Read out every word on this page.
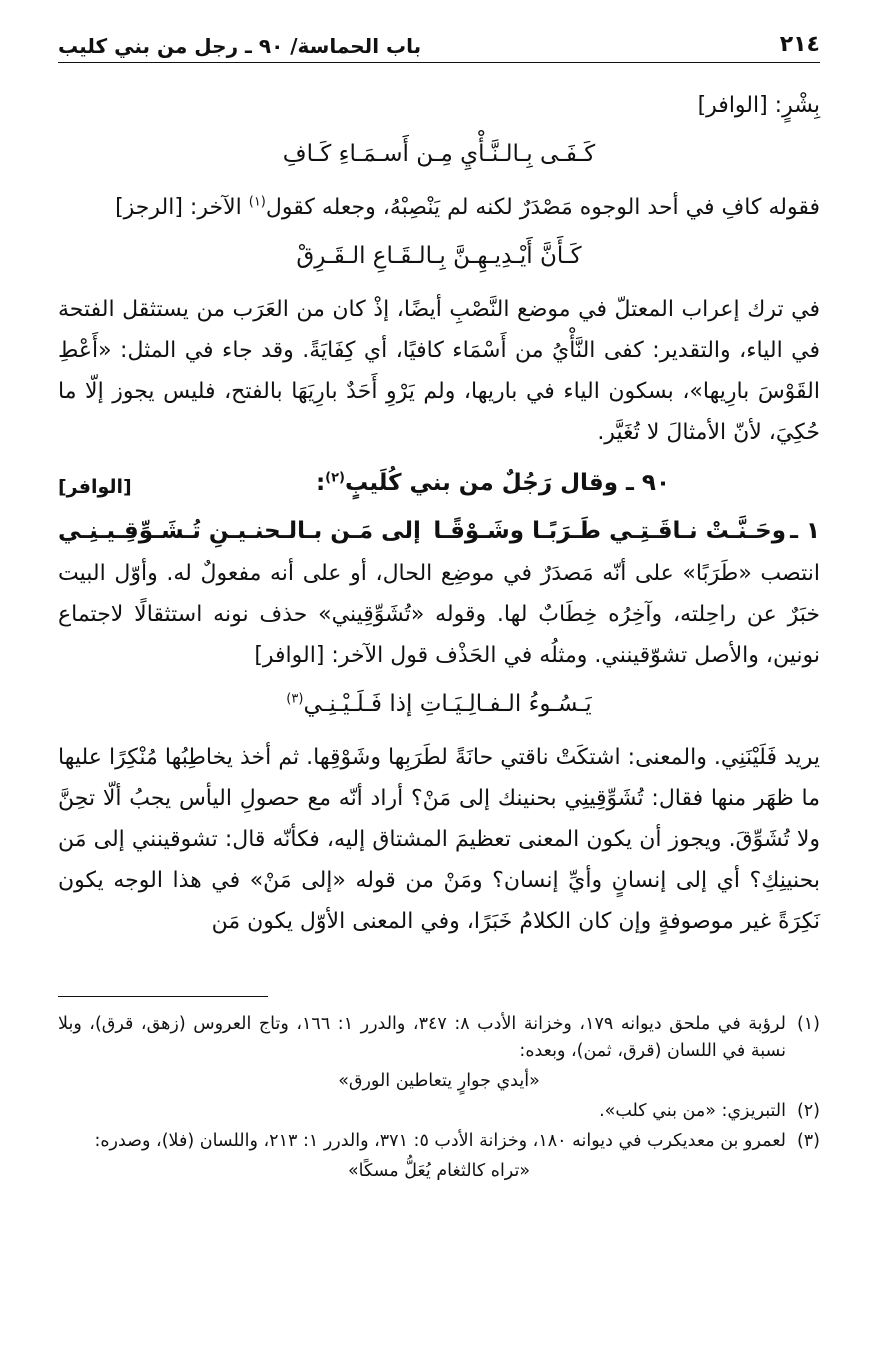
٢١٤
باب الحماسة/ ٩٠ ـ رجل من بني كليب

بِشْرٍ: [الوافر]

كَـفَـى بِـالـنَّـأْيِ مِـن أَسـمَـاءِ كَـافِ

فقوله كافِ في أحد الوجوه مَصْدَرٌ لكنه لم يَنْصِبْهُ، وجعله كقول$^{(١)}$ الآخر: [الرجز]

كَـأَنَّ أَيْـدِيـهِـنَّ بِـالـقَـاعِ الـقَـرِقْ

في ترك إعراب المعتلّ في موضع النَّصْبِ أيضًا، إذْ كان من العَرَب من يستثقل الفتحة في الياء، والتقدير: كفى النَّأْيُ من أَسْمَاء كافيًا، أي كِفَايَةً. وقد جاء في المثل: «أَعْطِ القَوْسَ بارِيها»، بسكون الياء في باريها، ولم يَرْوِ أَحَدٌ بارِيَهَا بالفتح، فليس يجوز إلّا ما حُكِيَ، لأنّ الأمثالَ لا تُغَيَّر.

٩٠ ـ وقال رَجُلٌ من بني كُلَيبٍ$^{(٢)}$:
[الوافر]
١ ـ
وحَـنَّـتْ نـاقَـتِـي طَـرَبًـا وشَـوْقًـا
إلى مَـن بـالـحنـيـنِ تُـشَـوِّقِـيـنِـي

انتصب «طَرَبًا» على أنّه مَصدَرٌ في موضِع الحال، أو على أنه مفعولٌ له. وأوّل البيت خبَرٌ عن راحِلته، وآخِرُه خِطَابٌ لها. وقوله «تُشَوِّقِيني» حذف نونه استثقالًا لاجتماع نونين، والأصل تشوّقينني. ومثلُه في الحَذْف قول الآخر: [الوافر]

يَـسُـوءُ الـفـالِـيَـاتِ إذا فَـلَـيْـنِـي$^{(٣)}$

يريد فَلَيْنَنِي. والمعنى: اشتكَتْ ناقتي حانَةً لطَرَبِها وشَوْقِها. ثم أخذ يخاطِبُها مُنْكِرًا عليها ما ظهَر منها فقال: تُشَوِّقِينِي بحنينك إلى مَنْ؟ أراد أنّه مع حصولِ اليأس يجبُ ألّا تحِنَّ ولا تُشَوِّقَ. ويجوز أن يكون المعنى تعظيمَ المشتاق إليه، فكأنّه قال: تشوقينني إلى مَن بحنينِكِ؟ أي إلى إنسانٍ وأيِّ إنسان؟ ومَنْ من قوله «إلى مَنْ» في هذا الوجه يكون نَكِرَةً غير موصوفةٍ وإن كان الكلامُ خَبَرًا، وفي المعنى الأوّل يكون مَن

(١)
لرؤبة في ملحق ديوانه ١٧٩، وخزانة الأدب ٨: ٣٤٧، والدرر ١: ١٦٦، وتاج العروس (زهق، قرق)، وبلا نسبة في اللسان (قرق، ثمن)، وبعده:

«أيدي جوارٍ يتعاطين الورق»

(٢)
التبريزي: «من بني كلب».
(٣)
لعمرو بن معديكرب في ديوانه ١٨٠، وخزانة الأدب ٥: ٣٧١، والدرر ١: ٢١٣، واللسان (فلا)، وصدره:

«تراه كالثغام يُعَلُّ مسكًا»
